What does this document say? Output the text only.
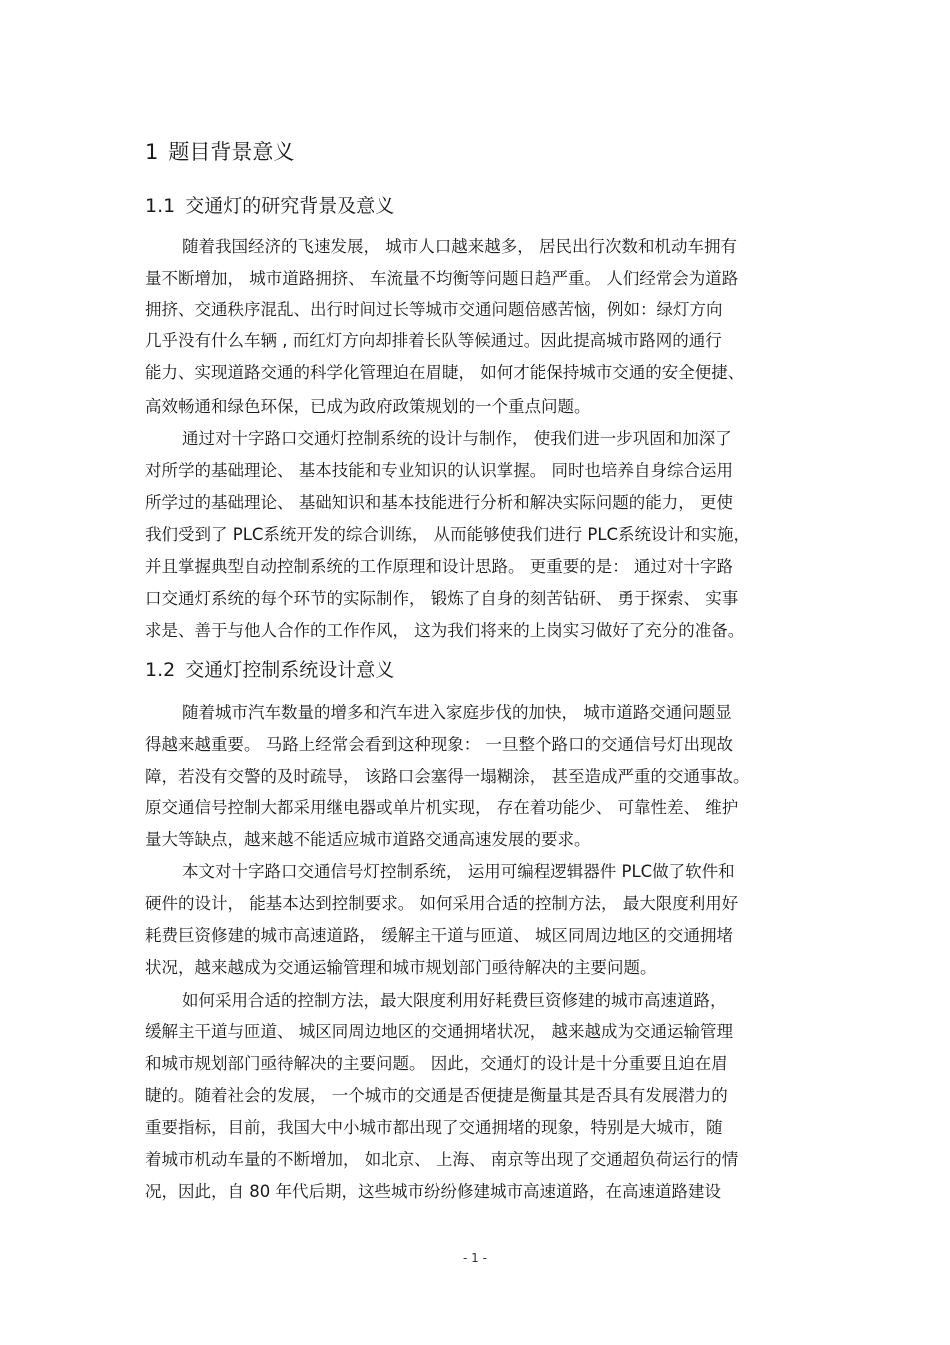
1 题目背景意义
1.1 交通灯的研究背景及意义
随着我国经济的飞速发展， 城市人口越来越多， 居民出行次数和机动车拥有
量不断增加， 城市道路拥挤、 车流量不均衡等问题日趋严重。 人们经常会为道路
拥挤、交通秩序混乱、出行时间过长等城市交通问题倍感苦恼，例如：绿灯方向
几乎没有什么车辆 , 而红灯方向却排着长队等候通过。因此提高城市路网的通行
能力、实现道路交通的科学化管理迫在眉睫， 如何才能保持城市交通的安全便捷、
高效畅通和绿色环保，已成为政府政策规划的一个重点问题。
通过对十字路口交通灯控制系统的设计与制作， 使我们进一步巩固和加深了
对所学的基础理论、 基本技能和专业知识的认识掌握。 同时也培养自身综合运用
所学过的基础理论、 基础知识和基本技能进行分析和解决实际问题的能力， 更使
我们受到了 PLC系统开发的综合训练， 从而能够使我们进行 PLC系统设计和实施，
并且掌握典型自动控制系统的工作原理和设计思路。 更重要的是： 通过对十字路
口交通灯系统的每个环节的实际制作， 锻炼了自身的刻苦钻研、 勇于探索、 实事
求是、善于与他人合作的工作作风， 这为我们将来的上岗实习做好了充分的准备。
1.2 交通灯控制系统设计意义
随着城市汽车数量的增多和汽车进入家庭步伐的加快， 城市道路交通问题显
得越来越重要。 马路上经常会看到这种现象： 一旦整个路口的交通信号灯出现故
障，若没有交警的及时疏导， 该路口会塞得一塌糊涂， 甚至造成严重的交通事故。
原交通信号控制大都采用继电器或单片机实现， 存在着功能少、 可靠性差、 维护
量大等缺点，越来越不能适应城市道路交通高速发展的要求。
本文对十字路口交通信号灯控制系统， 运用可编程逻辑器件 PLC做了软件和
硬件的设计， 能基本达到控制要求。 如何采用合适的控制方法， 最大限度利用好
耗费巨资修建的城市高速道路， 缓解主干道与匝道、 城区同周边地区的交通拥堵
状况，越来越成为交通运输管理和城市规划部门亟待解决的主要问题。
如何采用合适的控制方法，最大限度利用好耗费巨资修建的城市高速道路，
缓解主干道与匝道、 城区同周边地区的交通拥堵状况， 越来越成为交通运输管理
和城市规划部门亟待解决的主要问题。 因此，交通灯的设计是十分重要且迫在眉
睫的。随着社会的发展， 一个城市的交通是否便捷是衡量其是否具有发展潜力的
重要指标，目前，我国大中小城市都出现了交通拥堵的现象，特别是大城市，随
着城市机动车量的不断增加， 如北京、 上海、 南京等出现了交通超负荷运行的情
况，因此，自 80 年代后期，这些城市纷纷修建城市高速道路，在高速道路建设
- 1 -
